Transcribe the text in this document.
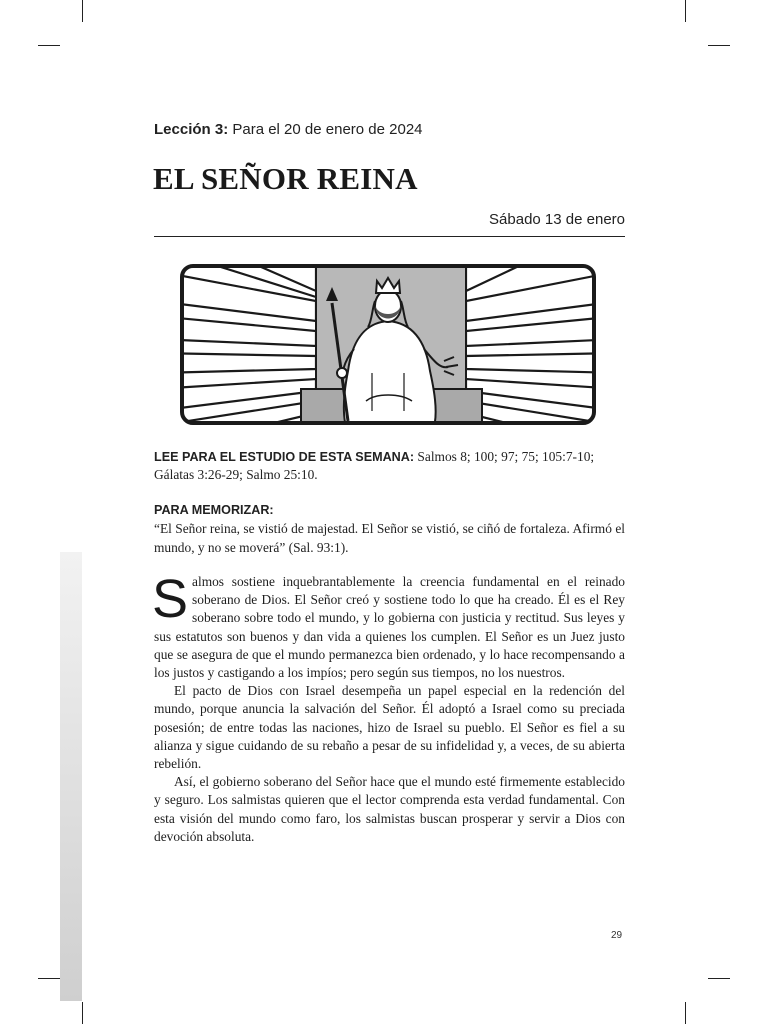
Lección 3: Para el 20 de enero de 2024
EL SEÑOR REINA
Sábado 13 de enero
LEE PARA EL ESTUDIO DE ESTA SEMANA: Salmos 8; 100; 97; 75; 105:7-10; Gálatas 3:26-29; Salmo 25:10.
PARA MEMORIZAR:
“El Señor reina, se vistió de majestad. El Señor se vistió, se ciñó de fortaleza. Afirmó el mundo, y no se moverá” (Sal. 93:1).

Salmos sostiene inquebrantablemente la creencia fundamental en el reinado soberano de Dios. El Señor creó y sostiene todo lo que ha creado. Él es el Rey soberano sobre todo el mundo, y lo gobierna con justicia y rectitud. Sus leyes y sus estatutos son buenos y dan vida a quienes los cumplen. El Señor es un Juez justo que se asegura de que el mundo permanezca bien ordenado, y lo hace recompensando a los justos y castigando a los impíos; pero según sus tiempos, no los nuestros.

El pacto de Dios con Israel desempeña un papel especial en la redención del mundo, porque anuncia la salvación del Señor. Él adoptó a Israel como su preciada posesión; de entre todas las naciones, hizo de Israel su pueblo. El Señor es fiel a su alianza y sigue cuidando de su rebaño a pesar de su infidelidad y, a veces, de su abierta rebelión.

Así, el gobierno soberano del Señor hace que el mundo esté firmemente establecido y seguro. Los salmistas quieren que el lector comprenda esta verdad fundamental. Con esta visión del mundo como faro, los salmistas buscan prosperar y servir a Dios con devoción absoluta.

29
